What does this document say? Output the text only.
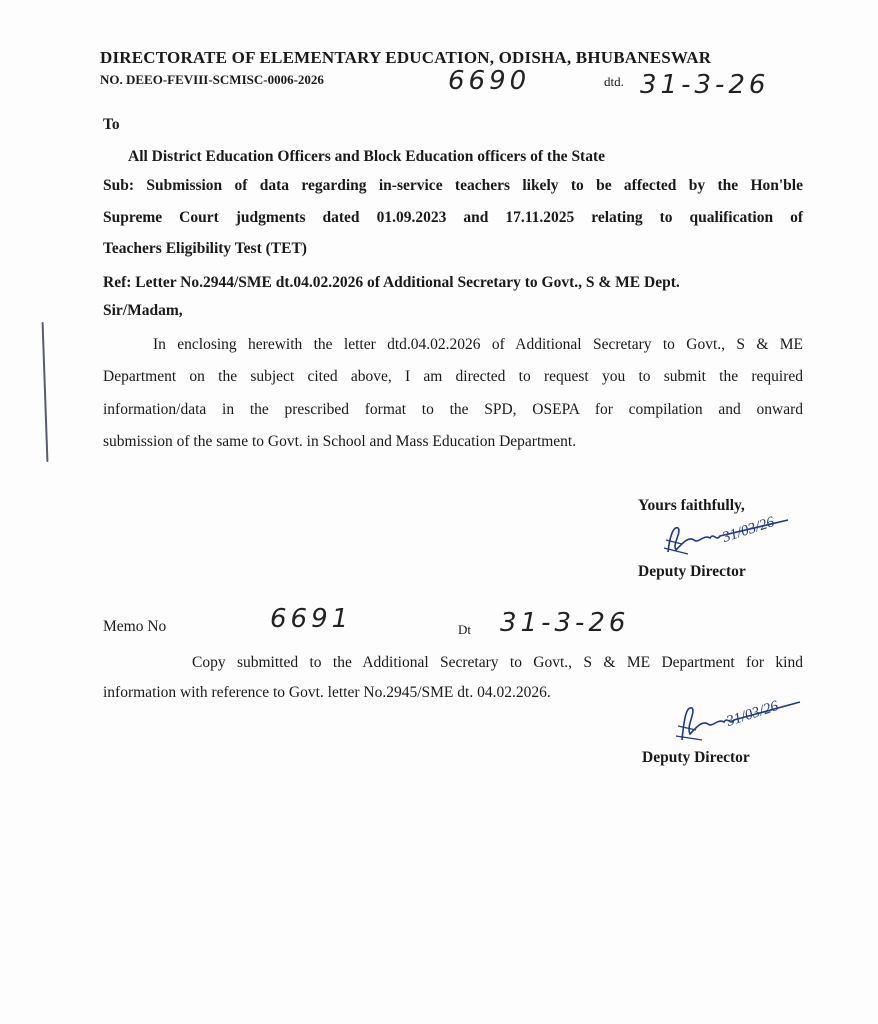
DIRECTORATE OF ELEMENTARY EDUCATION, ODISHA, BHUBANESWAR
NO. DEEO-FEVIII-SCMISC-0006-2026	6690	dtd. 31-3-26
To
All District Education Officers and Block Education officers of the State
Sub: Submission of data regarding in-service teachers likely to be affected by the Hon'ble
Supreme Court judgments dated 01.09.2023 and 17.11.2025 relating to qualification of
Teachers Eligibility Test (TET)
Ref: Letter No.2944/SME dt.04.02.2026 of Additional Secretary to Govt., S & ME Dept.
Sir/Madam,
In enclosing herewith the letter dtd.04.02.2026 of Additional Secretary to Govt., S & ME
Department on the subject cited above, I am directed to request you to submit the required
information/data in the prescribed format to the SPD, OSEPA for compilation and onward
submission of the same to Govt. in School and Mass Education Department.
Yours faithfully,
31/03/26
Deputy Director
Memo No	6691	Dt 31-3-26
Copy submitted to the Additional Secretary to Govt., S & ME Department for kind
information with reference to Govt. letter No.2945/SME dt. 04.02.2026.
31/03/26
Deputy Director
